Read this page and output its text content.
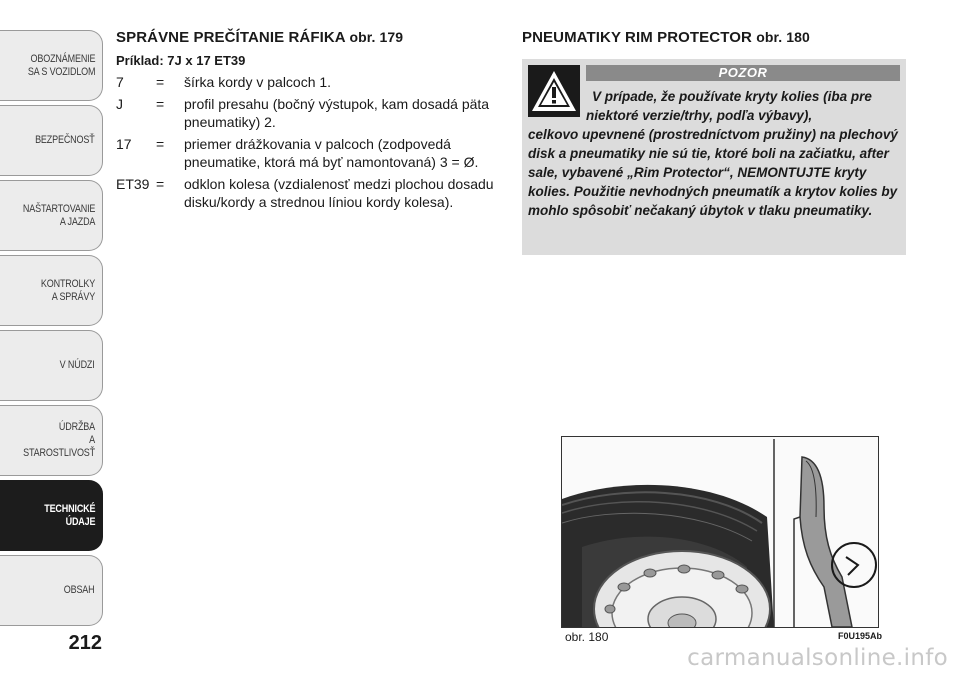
OBOZNÁMENIE
SA S VOZIDLOM
BEZPEČNOSŤ
NAŠTARTOVANIE
A JAZDA
KONTROLKY
A SPRÁVY
V NÚDZI
ÚDRŽBA
A STAROSTLIVOSŤ
TECHNICKÉ
ÚDAJE
OBSAH
212
SPRÁVNE PREČÍTANIE RÁFIKA obr. 179
Príklad: 7J x 17 ET39
7	=	šírka kordy v palcoch 1.
J	=	profil presahu (bočný výstupok, kam dosadá päta pneumatiky) 2.
17	=	priemer drážkovania v palcoch (zodpovedá pneumatike, ktorá má byť namontovaná) 3 = Ø.
ET39 =	odklon kolesa (vzdialenosť medzi plochou dosadu disku/kordy a strednou líniou kordy kolesa).
PNEUMATIKY RIM PROTECTOR obr. 180
POZOR
V prípade, že používate kryty kolies (iba pre niektoré verzie/trhy, podľa výbavy),
celkovo upevnené (prostredníctvom pružiny) na plechový disk a pneumatiky nie sú tie, ktoré boli na začiatku, after sale, vybavené „Rim Protector“, NEMONTUJTE kryty kolies. Použitie nevhodných pneumatík a krytov kolies by mohlo spôsobiť nečakaný úbytok v tlaku pneumatiky.
obr. 180	F0U195Ab
carmanualsonline.info
